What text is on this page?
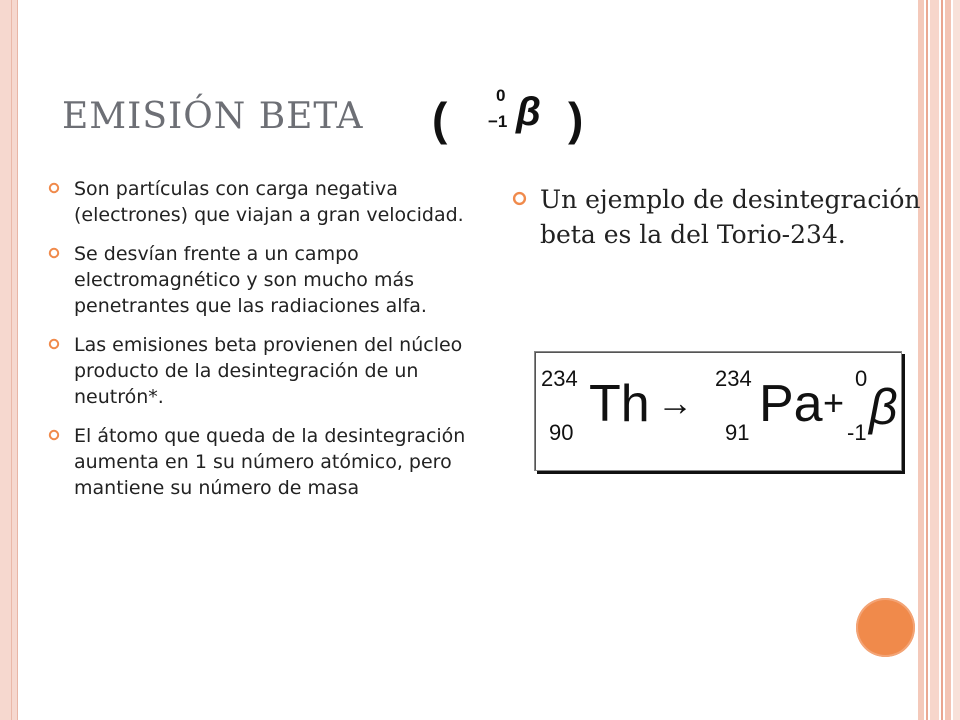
EMISIÓN BETA (	0
−1 β )
Son partículas con carga negativa (electrones) que viajan a gran velocidad.
Se desvían frente a un campo electromagnético y son mucho más penetrantes que las radiaciones alfa.
Las emisiones beta provienen del núcleo producto de la desintegración de un neutrón*.
El átomo que queda de la desintegración aumenta en 1 su número atómico, pero mantiene su número de masa
Un ejemplo de desintegración beta es la del Torio-234.
234
90 Th →
234
91 Pa +
0
-1 β
